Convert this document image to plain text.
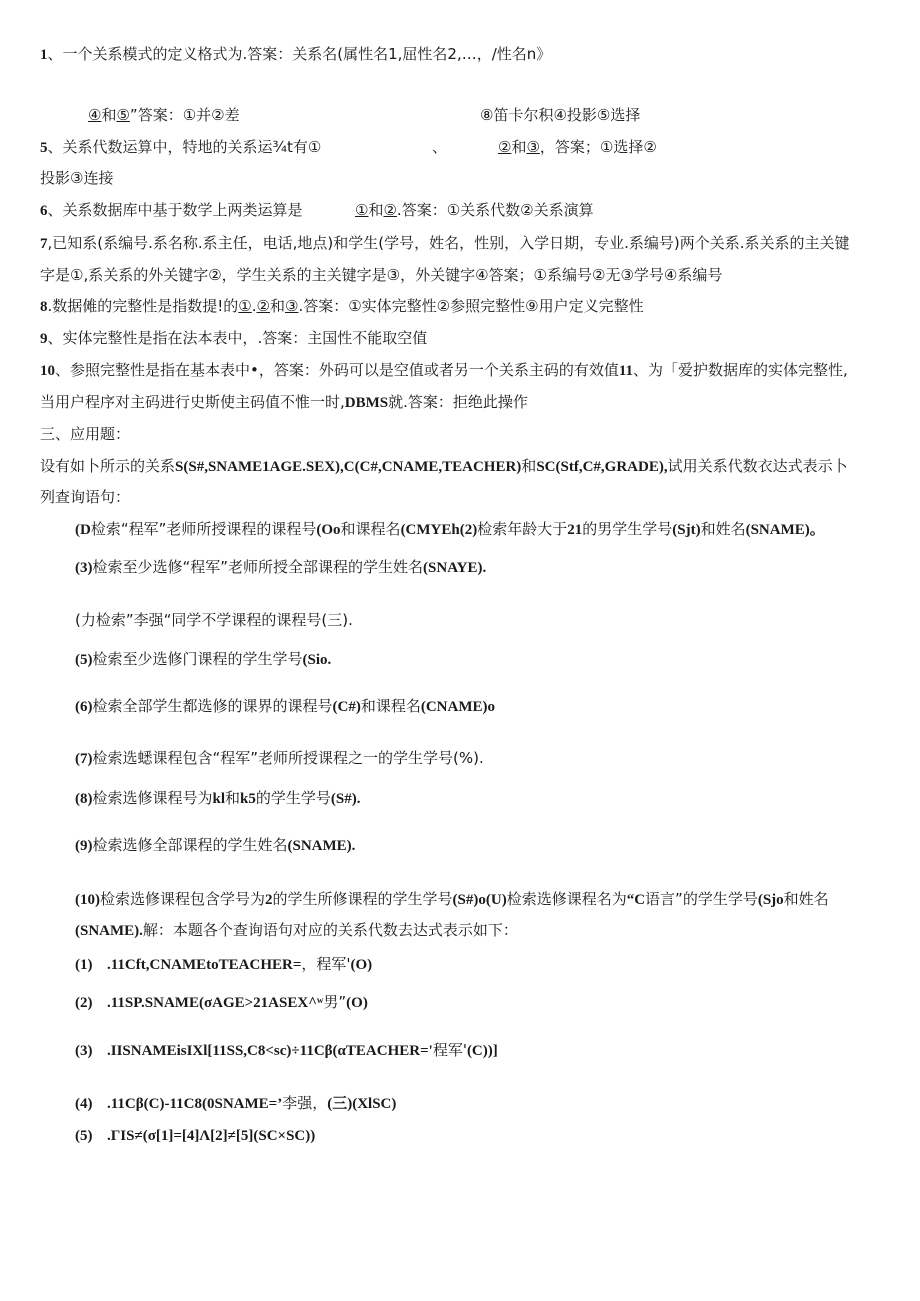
1、一个关系模式的定义格式为.答案：关系名(属性名1,屈性名2,…，/性名n》
④和⑤”答案：①并②差	⑧笛卡尔积④投影⑤选择
5、关系代数运算中，特地的关系运¾t有①	、	②和③，答案；①选择②
投影③连接
6、关系数据库中基于数学上两类运算是	①和②.答案：①关系代数②关系演算
7,已知系(系编号.系名称.系主任，电话,地点)和学生(学号，姓名，性别，入学日期，专业.系编号)两个关系.系关系的主关键
字是①,系关系的外关键字②，学生关系的主关键字是③，外关键字④答案；①系编号②无③学号④系编号
8.数据傩的完整性是指数提!的①.②和③.答案：①实体完整性②参照完整性⑨用户定义完整性
9、实体完整性是指在法本表中，.答案：主国性不能取空值
10、参照完整性是指在基本表中•，答案：外码可以是空值或者另一个关系主码的有效值11、为「爱护数据库的实体完整性,
当用户程序对主码进行史斯使主码值不惟一时,DBMS就.答案：拒绝此操作
三、应用题：
设有如卜所示的关系S(S#,SNAME1AGE.SEX),C(C#,CNAME,TEACHER)和SC(Stf,C#,GRADE),试用关系代数衣达式表示卜
列查询语句：
(D检索“程军”老师所授课程的课程号(Oo和课程名(CMYEh(2)检索年龄大于21的男学生学号(Sjt)和姓名(SNAME)。
(3)检索至少选修“程军”老师所授全部课程的学生姓名(SNAYE).
(力检索”李强“同学不学课程的课程号(三).
(5)检索至少选修门课程的学生学号(Sio.
(6)检索全部学生都选修的课界的课程号(C#)和课程名(CNAME)o
(7)检索选蟋课程包含“程军”老师所授课程之一的学生学号(%).
(8)检索选修课程号为kl和k5的学生学号(S#).
(9)检索选修全部课程的学生姓名(SNAME).
(10)检索选修课程包含学号为2的学生所修课程的学生学号(S#)o(U)检索选修课程名为“C语言”的学生学号(Sjo和姓名
(SNAME).解：本题各个查询语句对应的关系代数去达式表示如下：
(1) .11Cft,CNAMEtoTEACHER=，程军'(O)
(2) .11SP.SNAME(σAGE>21ASEX^ʷ男”(O)
(3) .IISNAMEisIXl[11SS,C8<sc)÷11Cβ(αTEACHER='程军'(C))]
(4) .11Cβ(C)-11C8(0SNAME=’李强，(三)(XlSC)
(5) .ΓIS≠(σ[1]=[4]Λ[2]≠[5](SC×SC))
